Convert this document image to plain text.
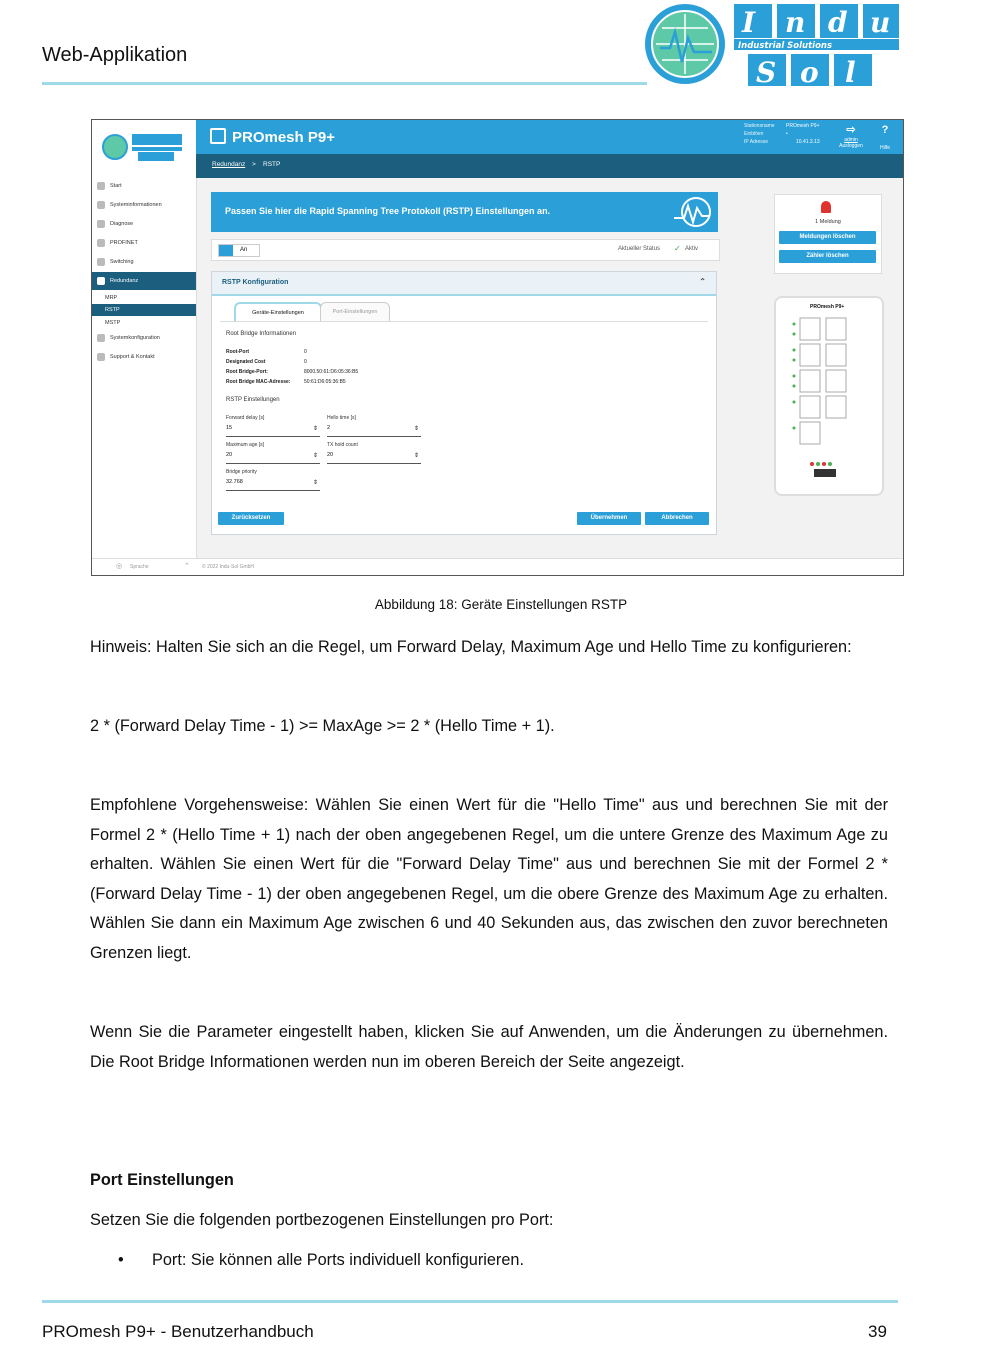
Web-Applikation
I n d u
S o l
Industrial Solutions
Start
Systeminformationen
Diagnose
PROFINET
Switching
Redundanz
MRP
RSTP
MSTP
Systemkonfiguration
Support & Kontakt
PROmesh P9+
Stationsname
Einblöen
IP Adresse
PROmesh P9+
•
10.41.3.13
⇨
admin
Ausloggen
?
Hilfe
Redundanz > RSTP	†
Passen Sie hier die Rapid Spanning Tree Protokoll (RSTP) Einstellungen an.
An	Aktueller Status ✓ Aktiv
RSTP Konfiguration	⌃
Geräte-Einstellungen	Port-Einstellungen
Root Bridge Informationen
Root-Port	0
Designated Cost	0
Root Bridge-Port:	8000.50:61:D6:05:36:B5
Root Bridge MAC-Adresse:	50:61:D6:05:36:B5
RSTP Einstellungen
Forward delay [s]
15	⇕
Hello time [s]
2	⇕
Maximum age [s]
20	⇕
TX hold count
20	⇕
Bridge priority
32.768	⇕
Zurücksetzen	Übernehmen	Abbrechen
1 Meldung
Meldungen löschen
Zähler löschen
PROmesh P9+
◎ Sprache	⌃ © 2022 Indu-Sol GmbH
Abbildung 18: Geräte Einstellungen RSTP
Hinweis: Halten Sie sich an die Regel, um Forward Delay, Maximum Age und Hello Time zu konfigurieren:
2 * (Forward Delay Time - 1) >= MaxAge >= 2 * (Hello Time + 1).
Empfohlene Vorgehensweise: Wählen Sie einen Wert für die "Hello Time" aus und berechnen Sie mit der Formel 2 * (Hello Time + 1) nach der oben angegebenen Regel, um die untere Grenze des Maximum Age zu erhalten. Wählen Sie einen Wert für die "Forward Delay Time" aus und berechnen Sie mit der Formel 2 * (Forward Delay Time - 1) der oben angegebenen Regel, um die obere Grenze des Maximum Age zu erhalten. Wählen Sie dann ein Maximum Age zwischen 6 und 40 Sekunden aus, das zwischen den zuvor berechneten Grenzen liegt.
Wenn Sie die Parameter eingestellt haben, klicken Sie auf Anwenden, um die Änderungen zu übernehmen. Die Root Bridge Informationen werden nun im oberen Bereich der Seite angezeigt.
Port Einstellungen
Setzen Sie die folgenden portbezogenen Einstellungen pro Port:
• Port: Sie können alle Ports individuell konfigurieren.
PROmesh P9+ - Benutzerhandbuch	39
